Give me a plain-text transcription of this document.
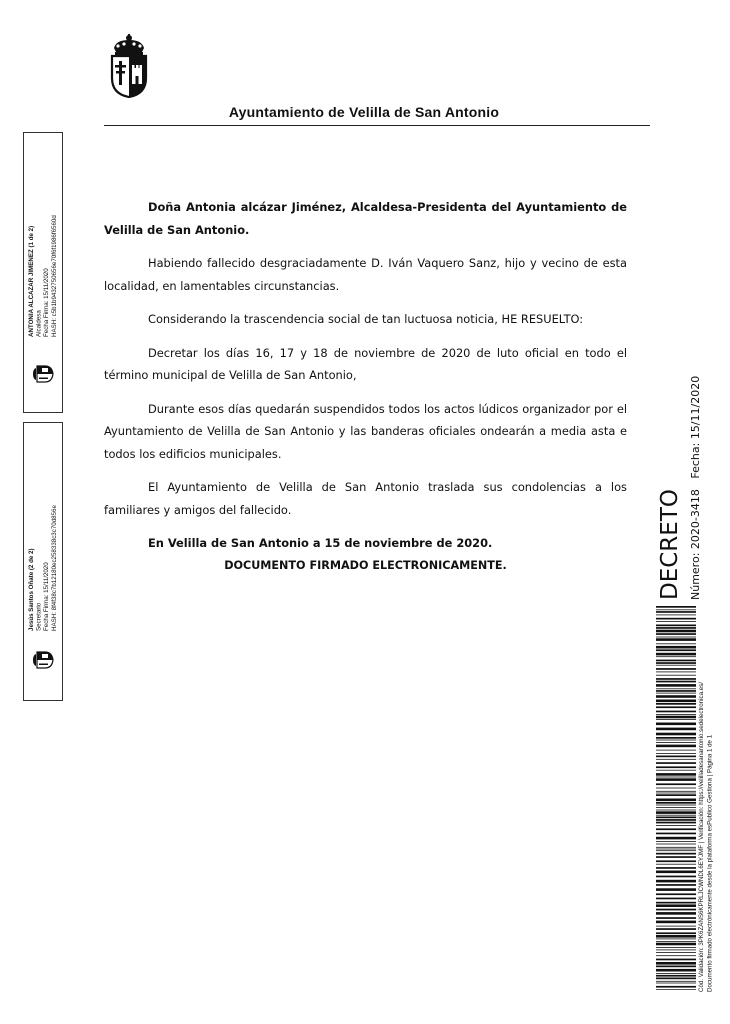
Ayuntamiento de Velilla de San Antonio

Doña Antonia alcázar Jiménez, Alcaldesa-Presidenta del Ayuntamiento de Velilla de San Antonio.

Habiendo fallecido desgraciadamente D. Iván Vaquero Sanz, hijo y vecino de esta localidad, en lamentables circunstancias.

Considerando la trascendencia social de tan luctuosa noticia, HE RESUELTO:

Decretar los días 16, 17 y 18 de noviembre de 2020 de luto oficial en todo el término municipal de Velilla de San Antonio,

Durante esos días quedarán suspendidos todos los actos lúdicos organizador por el Ayuntamiento de Velilla de San Antonio y las banderas oficiales ondearán a media asta e todos los edificios municipales.

El Ayuntamiento de Velilla de San Antonio traslada sus condolencias a los familiares y amigos del fallecido.

En Velilla de San Antonio a 15 de noviembre de 2020.

DOCUMENTO FIRMADO ELECTRONICAMENTE.
ANTONIA ALCAZAR JIMENEZ (1 de 2) Alcaldesa Fecha Firma: 15/11/2020 HASH: c5b1b9432750656e70f6f1986f6560d
Jesús Santos Oñate (2 de 2) Secretario Fecha Firma: 15/11/2020 HASH: 8f4f38c7b12180ec258338c3c70d856e	DECRETO Número: 2020-3418   Fecha: 15/11/2020
Cód. Validación: 3PK6ZANS6KPRLJCWNDL6EYJMF | Verificación: https://velilladesanantonio.sedelectronica.es/ Documento firmado electrónicamente desde la plataforma esPublico Gestiona | Página 1 de 1
